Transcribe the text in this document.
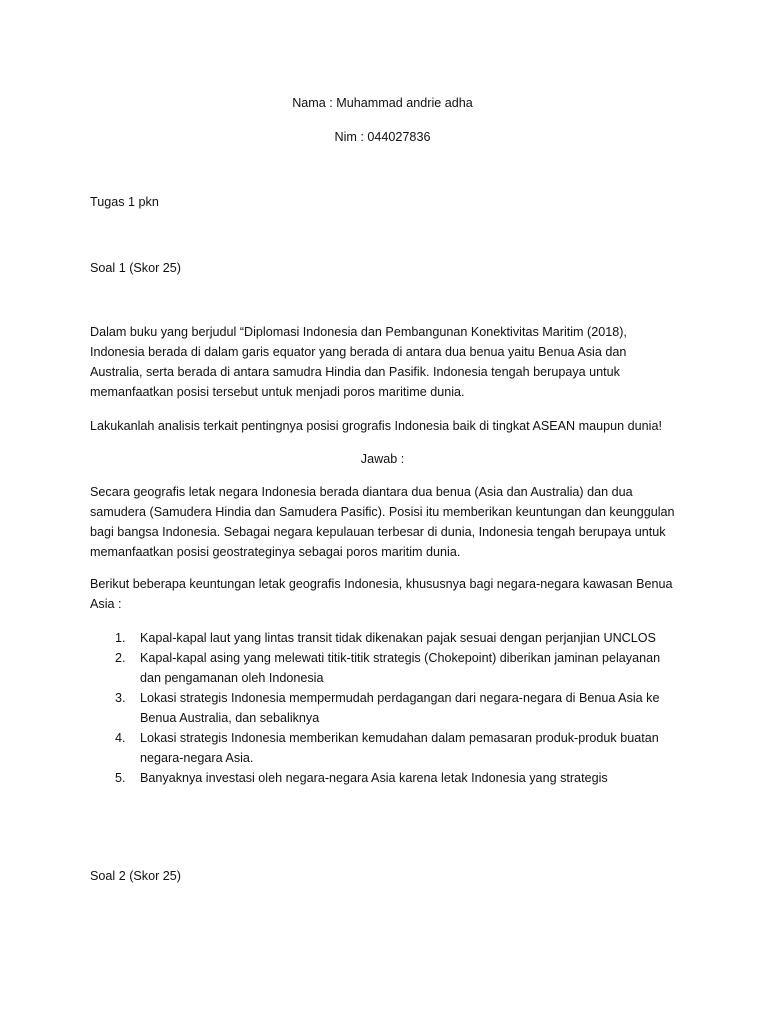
Nama : Muhammad andrie adha

Nim : 044027836

Tugas 1 pkn

Soal 1 (Skor 25)

Dalam buku yang berjudul “Diplomasi Indonesia dan Pembangunan Konektivitas Maritim (2018), Indonesia berada di dalam garis equator yang berada di antara dua benua yaitu Benua Asia dan Australia, serta berada di antara samudra Hindia dan Pasifik. Indonesia tengah berupaya untuk memanfaatkan posisi tersebut untuk menjadi poros maritime dunia.

Lakukanlah analisis terkait pentingnya posisi grografis Indonesia baik di tingkat ASEAN maupun dunia!

Jawab :

Secara geografis letak negara Indonesia berada diantara dua benua (Asia dan Australia) dan dua samudera (Samudera Hindia dan Samudera Pasific). Posisi itu memberikan keuntungan dan keunggulan bagi bangsa Indonesia. Sebagai negara kepulauan terbesar di dunia, Indonesia tengah berupaya untuk memanfaatkan posisi geostrateginya sebagai poros maritim dunia.

Berikut beberapa keuntungan letak geografis Indonesia, khususnya bagi negara-negara kawasan Benua Asia :

1. Kapal-kapal laut yang lintas transit tidak dikenakan pajak sesuai dengan perjanjian UNCLOS
2. Kapal-kapal asing yang melewati titik-titik strategis (Chokepoint) diberikan jaminan pelayanan dan pengamanan oleh Indonesia
3. Lokasi strategis Indonesia mempermudah perdagangan dari negara-negara di Benua Asia ke Benua Australia, dan sebaliknya
4. Lokasi strategis Indonesia memberikan kemudahan dalam pemasaran produk-produk buatan negara-negara Asia.
5. Banyaknya investasi oleh negara-negara Asia karena letak Indonesia yang strategis

Soal 2 (Skor 25)
